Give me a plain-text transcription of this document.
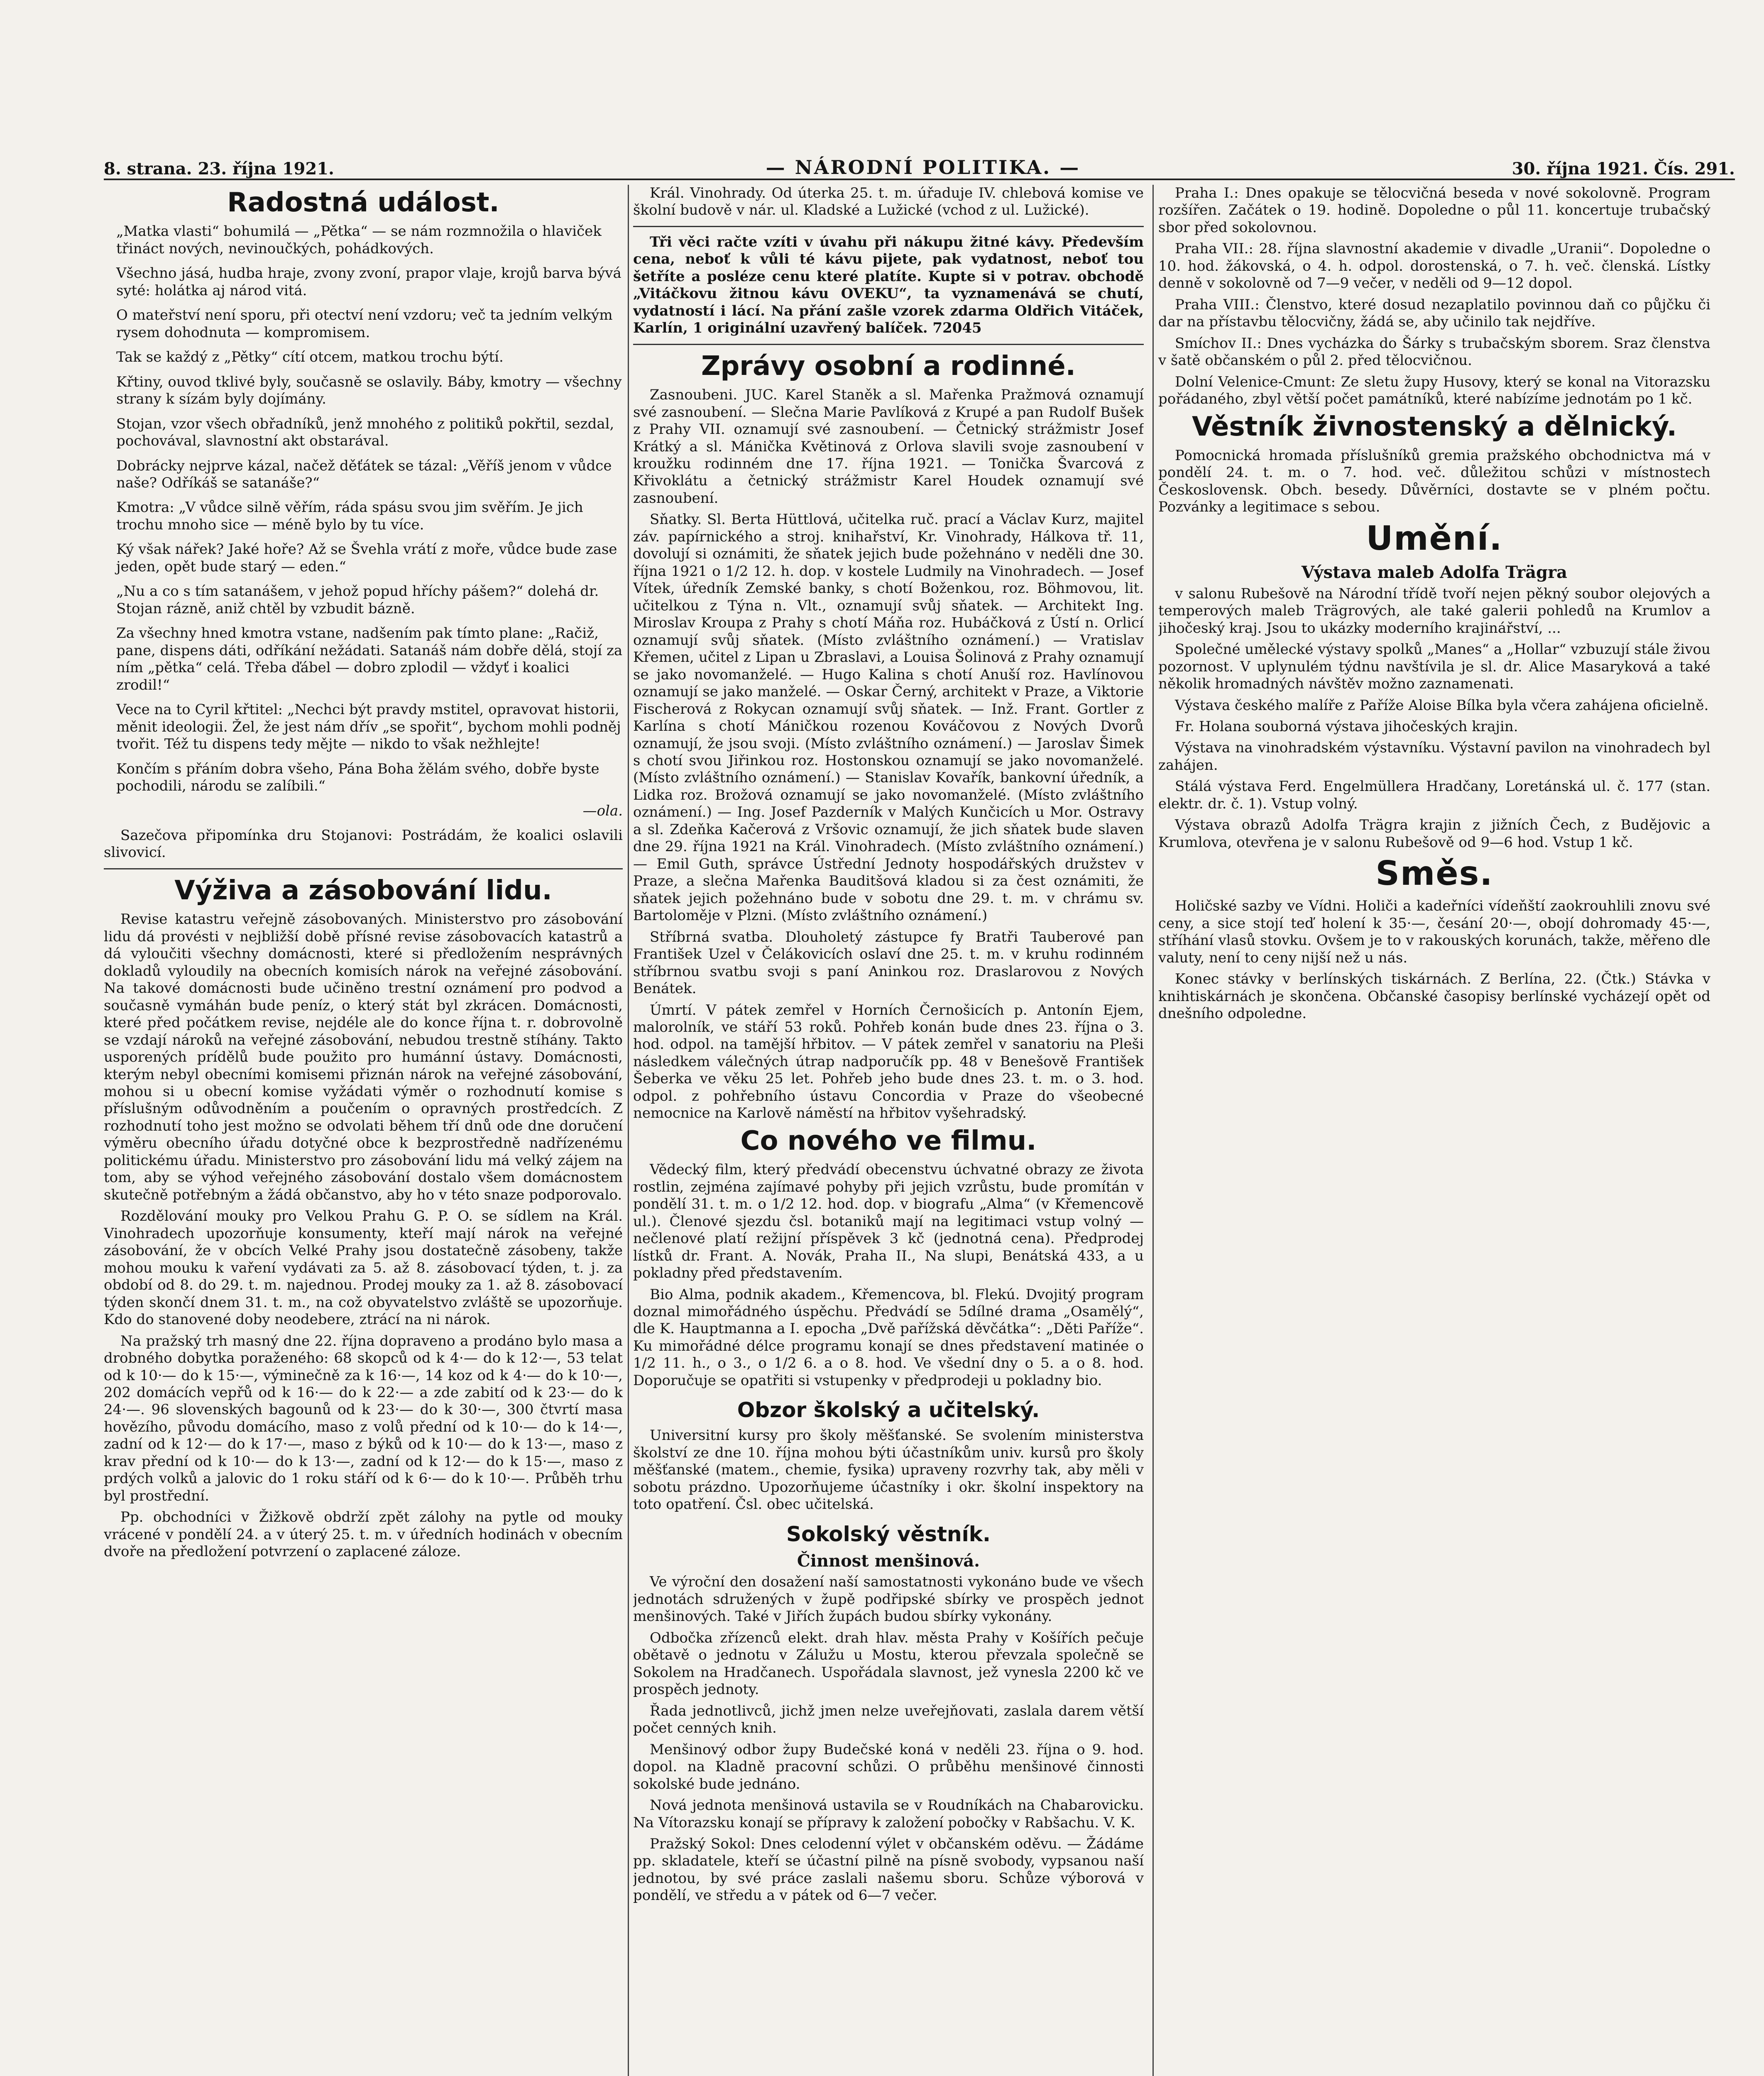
8. strana. 23. října 1921.	— NÁRODNÍ POLITIKA. —	30. října 1921. Čís. 291.
Radostná událost.

„Matka vlasti“ bohumilá — „Pětka“ — se nám rozmnožila o hlaviček třináct nových, nevinoučkých, pohádkových.

Všechno jásá, hudba hraje, zvony zvoní, prapor vlaje, krojů barva bývá syté: holátka aj národ vitá.

O mateřství není sporu, při otectví není vzdoru; več ta jedním velkým rysem dohodnuta — kompromisem.

Tak se každý z „Pětky“ cítí otcem, matkou trochu býtí.

Křtiny, ouvod tklivé byly, současně se oslavily. Báby, kmotry — všechny strany k sízám byly dojímány.

Stojan, vzor všech obřadníků, jenž mnohého z politiků pokřtil, sezdal, pochovával, slavnostní akt obstarával.

Dobrácky nejprve kázal, načež děťátek se tázal: „Věříš jenom v vůdce naše? Odříkáš se satanáše?“

Kmotra: „V vůdce silně věřím, ráda spásu svou jim svěřím. Je jich trochu mnoho sice — méně bylo by tu více.

Ký však nářek? Jaké hoře? Až se Švehla vrátí z moře, vůdce bude zase jeden, opět bude starý — eden.“

„Nu a co s tím satanášem, v jehož popud hříchy pášem?“ dolehá dr. Stojan rázně, aniž chtěl by vzbudit bázně.

Za všechny hned kmotra vstane, nadšením pak tímto plane: „Račiž, pane, dispens dáti, odříkání nežádati. Satanáš nám dobře dělá, stojí za ním „pětka“ celá. Třeba ďábel — dobro zplodil — vždyť i koalici zrodil!“

Vece na to Cyril křtitel: „Nechci být pravdy mstitel, opravovat historii, měnit ideologii. Žel, že jest nám dřív „se spořit“, bychom mohli podněj tvořit. Též tu dispens tedy mějte — nikdo to však nežhlejte!

Končím s přáním dobra všeho, Pána Boha žělám svého, dobře byste pochodili, národu se zalíbili.“

—ola.

Sazečova připomínka dru Stojanovi: Postrádám, že koalici oslavili slivovicí.

Výživa a zásobování lidu.

Revise katastru veřejně zásobovaných. Ministerstvo pro zásobování lidu dá provésti v nejbližší době přísné revise zásobovacích katastrů a dá vyloučiti všechny domácnosti, které si předložením nesprávných dokladů vyloudily na obecních komisích nárok na veřejné zásobování. Na takové domácnosti bude učiněno trestní oznámení pro podvod a současně vymáhán bude peníz, o který stát byl zkrácen. Domácnosti, které před počátkem revise, nejdéle ale do konce října t. r. dobrovolně se vzdají nároků na veřejné zásobování, nebudou trestně stíhány. Takto usporených prídělů bude použito pro humánní ústavy. Domácnosti, kterým nebyl obecními komisemi přiznán nárok na veřejné zásobování, mohou si u obecní komise vyžádati výměr o rozhodnutí komise s příslušným odůvodněním a poučením o opravných prostředcích. Z rozhodnutí toho jest možno se odvolati během tří dnů ode dne doručení výměru obecního úřadu dotyčné obce k bezprostředně nadřízenému politickému úřadu. Ministerstvo pro zásobování lidu má velký zájem na tom, aby se výhod veřejného zásobování dostalo všem domácnostem skutečně potřebným a žádá občanstvo, aby ho v této snaze podporovalo.

Rozdělování mouky pro Velkou Prahu G. P. O. se sídlem na Král. Vinohradech upozorňuje konsumenty, kteří mají nárok na veřejné zásobování, že v obcích Velké Prahy jsou dostatečně zásobeny, takže mohou mouku k vaření vydávati za 5. až 8. zásobovací týden, t. j. za období od 8. do 29. t. m. najednou. Prodej mouky za 1. až 8. zásobovací týden skončí dnem 31. t. m., na což obyvatelstvo zvláště se upozorňuje. Kdo do stanovené doby neodebere, ztrácí na ni nárok.

Na pražský trh masný dne 22. října dopraveno a prodáno bylo masa a drobného dobytka poraženého: 68 skopců od k 4·— do k 12·—, 53 telat od k 10·— do k 15·—, výminečně za k 16·—, 14 koz od k 4·— do k 10·—, 202 domácích vepřů od k 16·— do k 22·— a zde zabití od k 23·— do k 24·—. 96 slovenských bagounů od k 23·— do k 30·—, 300 čtvrtí masa hovězího, původu domácího, maso z volů přední od k 10·— do k 14·—, zadní od k 12·— do k 17·—, maso z býků od k 10·— do k 13·—, maso z krav přední od k 10·— do k 13·—, zadní od k 12·— do k 15·—, maso z prdých volků a jalovic do 1 roku stáří od k 6·— do k 10·—. Průběh trhu byl prostřední.

Pp. obchodníci v Žižkově obdrží zpět zálohy na pytle od mouky vrácené v pondělí 24. a v úterý 25. t. m. v úředních hodinách v obecním dvoře na předložení potvrzení o zaplacené záloze.

Král. Vinohrady. Od úterka 25. t. m. úřaduje IV. chlebová komise ve školní budově v nár. ul. Kladské a Lužické (vchod z ul. Lužické).

Tři věci račte vzíti v úvahu při nákupu žitné kávy. Především cena, neboť k vůli té kávu pijete, pak vydatnost, neboť tou šetříte a posléze cenu které platíte. Kupte si v potrav. obchodě „Vitáčkovu žitnou kávu OVEKU“, ta vyznamenává se chutí, vydatností i lácí. Na přání zašle vzorek zdarma Oldřich Vitáček, Karlín, 1 originální uzavřený balíček. 72045

Zprávy osobní a rodinné.

Zasnoubeni. JUC. Karel Staněk a sl. Mařenka Pražmová oznamují své zasnoubení. — Slečna Marie Pavlíková z Krupé a pan Rudolf Bušek z Prahy VII. oznamují své zasnoubení. — Četnický strážmistr Josef Krátký a sl. Mánička Květinová z Orlova slavili svoje zasnoubení v kroužku rodinném dne 17. října 1921. — Tonička Švarcová z Křivoklátu a četnický strážmistr Karel Houdek oznamují své zasnoubení.

Sňatky. Sl. Berta Hüttlová, učitelka ruč. prací a Václav Kurz, majitel záv. papírnického a stroj. knihařství, Kr. Vinohrady, Hálkova tř. 11, dovolují si oznámiti, že sňatek jejich bude požehnáno v neděli dne 30. října 1921 o 1/2 12. h. dop. v kostele Ludmily na Vinohradech. — Josef Vítek, úředník Zemské banky, s chotí Boženkou, roz. Böhmovou, lit. učitelkou z Týna n. Vlt., oznamují svůj sňatek. — Architekt Ing. Miroslav Kroupa z Prahy s chotí Máňa roz. Hubáčková z Ústí n. Orlicí oznamují svůj sňatek. (Místo zvláštního oznámení.) — Vratislav Křemen, učitel z Lipan u Zbraslavi, a Louisa Šolinová z Prahy oznamují se jako novomanželé. — Hugo Kalina s chotí Anuší roz. Havlínovou oznamují se jako manželé. — Oskar Černý, architekt v Praze, a Viktorie Fischerová z Rokycan oznamují svůj sňatek. — Inž. Frant. Gortler z Karlína s chotí Máničkou rozenou Kováčovou z Nových Dvorů oznamují, že jsou svoji. (Místo zvláštního oznámení.) — Jaroslav Šimek s chotí svou Jiřinkou roz. Hostonskou oznamují se jako novomanželé. (Místo zvláštního oznámení.) — Stanislav Kovařík, bankovní úředník, a Lidka roz. Brožová oznamují se jako novomanželé. (Místo zvláštního oznámení.) — Ing. Josef Pazderník v Malých Kunčicích u Mor. Ostravy a sl. Zdeňka Kačerová z Vršovic oznamují, že jich sňatek bude slaven dne 29. října 1921 na Král. Vinohradech. (Místo zvláštního oznámení.) — Emil Guth, správce Ústřední Jednoty hospodářských družstev v Praze, a slečna Mařenka Bauditšová kladou si za čest oznámiti, že sňatek jejich požehnáno bude v sobotu dne 29. t. m. v chrámu sv. Bartoloměje v Plzni. (Místo zvláštního oznámení.)

Stříbrná svatba. Dlouholetý zástupce fy Bratři Tauberové pan František Uzel v Čelákovicích oslaví dne 25. t. m. v kruhu rodinném stříbrnou svatbu svoji s paní Aninkou roz. Draslarovou z Nových Benátek.

Úmrtí. V pátek zemřel v Horních Černošicích p. Antonín Ejem, malorolník, ve stáří 53 roků. Pohřeb konán bude dnes 23. října o 3. hod. odpol. na tamější hřbitov. — V pátek zemřel v sanatoriu na Pleši následkem válečných útrap nadporučík pp. 48 v Benešově František Šeberka ve věku 25 let. Pohřeb jeho bude dnes 23. t. m. o 3. hod. odpol. z pohřebního ústavu Concordia v Praze do všeobecné nemocnice na Karlově náměstí na hřbitov vyšehradský.

Co nového ve filmu.

Vědecký film, který předvádí obecenstvu úchvatné obrazy ze života rostlin, zejména zajímavé pohyby při jejich vzrůstu, bude promítán v pondělí 31. t. m. o 1/2 12. hod. dop. v biografu „Alma“ (v Křemencově ul.). Členové sjezdu čsl. botaniků mají na legitimaci vstup volný — nečlenové platí režijní příspěvek 3 kč (jednotná cena). Předprodej lístků dr. Frant. A. Novák, Praha II., Na slupi, Benátská 433, a u pokladny před představením.

Bio Alma, podnik akadem., Křemencova, bl. Flekú. Dvojitý program doznal mimořádného úspěchu. Předvádí se 5dílné drama „Osamělý“, dle K. Hauptmanna a I. epocha „Dvě pařížská děvčátka“: „Děti Paříže“. Ku mimořádné délce programu konají se dnes představení matinée o 1/2 11. h., o 3., o 1/2 6. a o 8. hod. Ve všední dny o 5. a o 8. hod. Doporučuje se opatřiti si vstupenky v předprodeji u pokladny bio.

Obzor školský a učitelský.

Universitní kursy pro školy měšťanské. Se svolením ministerstva školství ze dne 10. října mohou býti účastníkům univ. kursů pro školy měšťanské (matem., chemie, fysika) upraveny rozvrhy tak, aby měli v sobotu prázdno. Upozorňujeme účastníky i okr. školní inspektory na toto opatření. Čsl. obec učitelská.

Sokolský věstník.
Činnost menšinová.

Ve výroční den dosažení naší samostatnosti vykonáno bude ve všech jednotách sdružených v župě podřipské sbírky ve prospěch jednot menšinových. Také v Jiřích župách budou sbírky vykonány.

Odbočka zřízenců elekt. drah hlav. města Prahy v Košířích pečuje obětavě o jednotu v Zálužu u Mostu, kterou převzala společně se Sokolem na Hradčanech. Uspořádala slavnost, jež vynesla 2200 kč ve prospěch jednoty.

Řada jednotlivců, jichž jmen nelze uveřejňovati, zaslala darem větší počet cenných knih.

Menšinový odbor župy Budečské koná v neděli 23. října o 9. hod. dopol. na Kladně pracovní schůzi. O průběhu menšinové činnosti sokolské bude jednáno.

Nová jednota menšinová ustavila se v Roudníkách na Chabarovicku. Na Vítorazsku konají se přípravy k založení pobočky v Rabšachu. V. K.

Pražský Sokol: Dnes celodenní výlet v občanském oděvu. — Žádáme pp. skladatele, kteří se účastní pilně na písně svobody, vypsanou naší jednotou, by své práce zaslali našemu sboru. Schůze výborová v pondělí, ve středu a v pátek od 6—7 večer.

Praha I.: Dnes opakuje se tělocvičná beseda v nové sokolovně. Program rozšířen. Začátek o 19. hodině. Dopoledne o půl 11. koncertuje trubačský sbor před sokolovnou.

Praha VII.: 28. října slavnostní akademie v divadle „Uranii“. Dopoledne o 10. hod. žákovská, o 4. h. odpol. dorostenská, o 7. h. več. členská. Lístky denně v sokolovně od 7—9 večer, v neděli od 9—12 dopol.

Praha VIII.: Členstvo, které dosud nezaplatilo povinnou daň co půjčku či dar na přístavbu tělocvičny, žádá se, aby učinilo tak nejdříve.

Smíchov II.: Dnes vycházka do Šárky s trubačským sborem. Sraz členstva v šatě občanském o půl 2. před tělocvičnou.

Dolní Velenice-Cmunt: Ze sletu župy Husovy, který se konal na Vitorazsku pořádaného, zbyl větší počet památníků, které nabízíme jednotám po 1 kč.

Věstník živnostenský a dělnický.

Pomocnická hromada příslušníků gremia pražského obchodnictva má v pondělí 24. t. m. o 7. hod. več. důležitou schůzi v místnostech Československ. Obch. besedy. Důvěrníci, dostavte se v plném počtu. Pozvánky a legitimace s sebou.

Umění.
Výstava maleb Adolfa Trägra

v salonu Rubešově na Národní třídě tvoří nejen pěkný soubor olejových a temperových maleb Trägrových, ale také galerii pohledů na Krumlov a jihočeský kraj. Jsou to ukázky moderního krajinářství, ...

Společné umělecké výstavy spolků „Manes“ a „Hollar“ vzbuzují stále živou pozornost. V uplynulém týdnu navštívila je sl. dr. Alice Masaryková a také několik hromadných návštěv možno zaznamenati.

Výstava českého malíře z Paříže Aloise Bílka byla včera zahájena oficielně.

Fr. Holana souborná výstava jihočeských krajin.

Výstava na vinohradském výstavníku. Výstavní pavilon na vinohradech byl zahájen.

Stálá výstava Ferd. Engelmüllera Hradčany, Loretánská ul. č. 177 (stan. elektr. dr. č. 1). Vstup volný.

Výstava obrazů Adolfa Trägra krajin z jižních Čech, z Budějovic a Krumlova, otevřena je v salonu Rubešově od 9—6 hod. Vstup 1 kč.

Směs.

Holičské sazby ve Vídni. Holiči a kadeřníci vídeňští zaokrouhlili znovu své ceny, a sice stojí teď holení k 35·—, česání 20·—, obojí dohromady 45·—, stříhání vlasů stovku. Ovšem je to v rakouských korunách, takže, měřeno dle valuty, není to ceny nijší než u nás.

Konec stávky v berlínských tiskárnách. Z Berlína, 22. (Čtk.) Stávka v knihtiskárnách je skončena. Občanské časopisy berlínské vycházejí opět od dnešního odpoledne.
